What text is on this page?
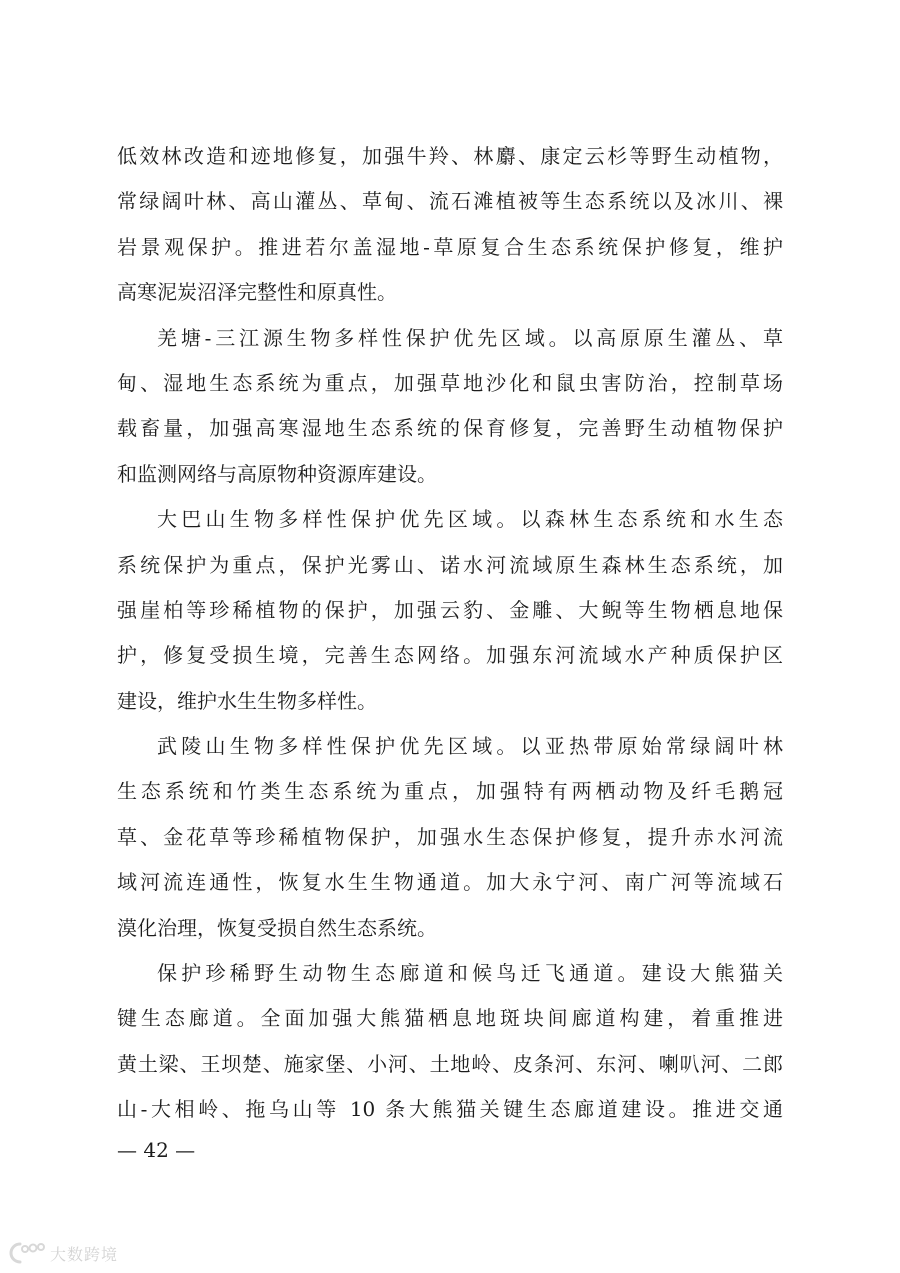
低效林改造和迹地修复，加强牛羚、林麝、康定云杉等野生动植物，
常绿阔叶林、高山灌丛、草甸、流石滩植被等生态系统以及冰川、裸
岩景观保护。推进若尔盖湿地-草原复合生态系统保护修复，维护
高寒泥炭沼泽完整性和原真性。
羌塘-三江源生物多样性保护优先区域。以高原原生灌丛、草
甸、湿地生态系统为重点，加强草地沙化和鼠虫害防治，控制草场
载畜量，加强高寒湿地生态系统的保育修复，完善野生动植物保护
和监测网络与高原物种资源库建设。
大巴山生物多样性保护优先区域。以森林生态系统和水生态
系统保护为重点，保护光雾山、诺水河流域原生森林生态系统，加
强崖柏等珍稀植物的保护，加强云豹、金雕、大鲵等生物栖息地保
护，修复受损生境，完善生态网络。加强东河流域水产种质保护区
建设，维护水生生物多样性。
武陵山生物多样性保护优先区域。以亚热带原始常绿阔叶林
生态系统和竹类生态系统为重点，加强特有两栖动物及纤毛鹅冠
草、金花草等珍稀植物保护，加强水生态保护修复，提升赤水河流
域河流连通性，恢复水生生物通道。加大永宁河、南广河等流域石
漠化治理，恢复受损自然生态系统。
保护珍稀野生动物生态廊道和候鸟迁飞通道。建设大熊猫关
键生态廊道。全面加强大熊猫栖息地斑块间廊道构建，着重推进
黄土梁、王坝楚、施家堡、小河、土地岭、皮条河、东河、喇叭河、二郎
山-大相岭、拖乌山等 10 条大熊猫关键生态廊道建设。推进交通
— 42 —
大数跨境
